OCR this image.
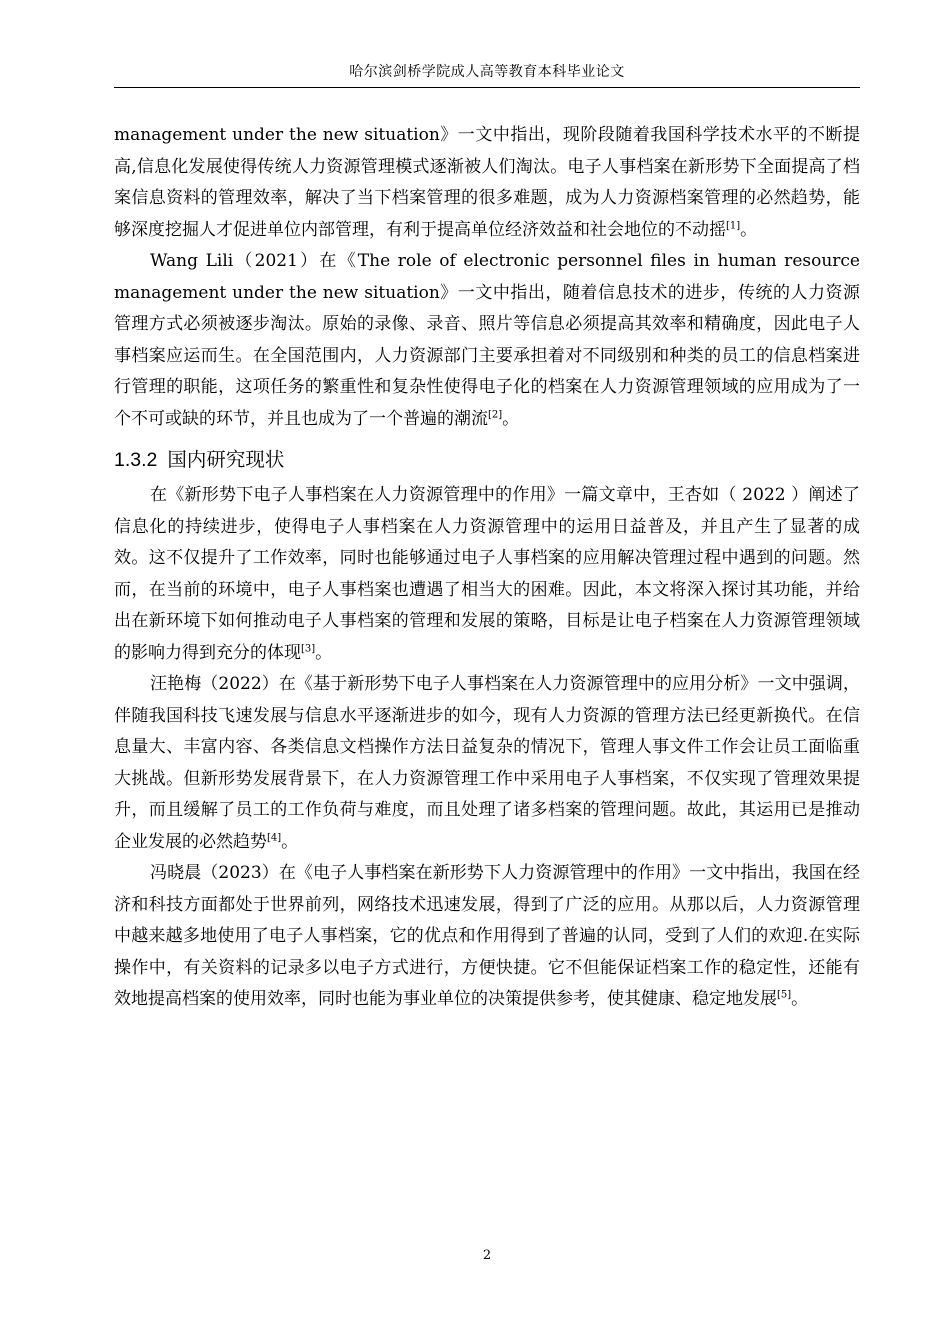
哈尔滨剑桥学院成人高等教育本科毕业论文

management under the new situation》一文中指出，现阶段随着我国科学技术水平的不断提高,信息化发展使得传统人力资源管理模式逐渐被人们淘汰。电子人事档案在新形势下全面提高了档案信息资料的管理效率，解决了当下档案管理的很多难题，成为人力资源档案管理的必然趋势，能够深度挖掘人才促进单位内部管理，有利于提高单位经济效益和社会地位的不动摇[1]。

Wang Lili（2021）在《The role of electronic personnel files in human resource management under the new situation》一文中指出，随着信息技术的进步，传统的人力资源管理方式必须被逐步淘汰。原始的录像、录音、照片等信息必须提高其效率和精确度，因此电子人事档案应运而生。在全国范围内，人力资源部门主要承担着对不同级别和种类的员工的信息档案进行管理的职能，这项任务的繁重性和复杂性使得电子化的档案在人力资源管理领域的应用成为了一个不可或缺的环节，并且也成为了一个普遍的潮流[2]。

1.3.2 国内研究现状

在《新形势下电子人事档案在人力资源管理中的作用》一篇文章中，王杏如（ 2022 ）阐述了信息化的持续进步，使得电子人事档案在人力资源管理中的运用日益普及，并且产生了显著的成效。这不仅提升了工作效率，同时也能够通过电子人事档案的应用解决管理过程中遇到的问题。然而，在当前的环境中，电子人事档案也遭遇了相当大的困难。因此，本文将深入探讨其功能，并给出在新环境下如何推动电子人事档案的管理和发展的策略，目标是让电子档案在人力资源管理领域的影响力得到充分的体现[3]。

汪艳梅（2022）在《基于新形势下电子人事档案在人力资源管理中的应用分析》一文中强调，伴随我国科技飞速发展与信息水平逐渐进步的如今，现有人力资源的管理方法已经更新换代。在信息量大、丰富内容、各类信息文档操作方法日益复杂的情况下，管理人事文件工作会让员工面临重大挑战。但新形势发展背景下，在人力资源管理工作中采用电子人事档案，不仅实现了管理效果提升，而且缓解了员工的工作负荷与难度，而且处理了诸多档案的管理问题。故此，其运用已是推动企业发展的必然趋势[4]。

冯晓晨（2023）在《电子人事档案在新形势下人力资源管理中的作用》一文中指出，我国在经济和科技方面都处于世界前列，网络技术迅速发展，得到了广泛的应用。从那以后，人力资源管理中越来越多地使用了电子人事档案，它的优点和作用得到了普遍的认同，受到了人们的欢迎.在实际操作中，有关资料的记录多以电子方式进行，方便快捷。它不但能保证档案工作的稳定性，还能有效地提高档案的使用效率，同时也能为事业单位的决策提供参考，使其健康、稳定地发展[5]。

2
